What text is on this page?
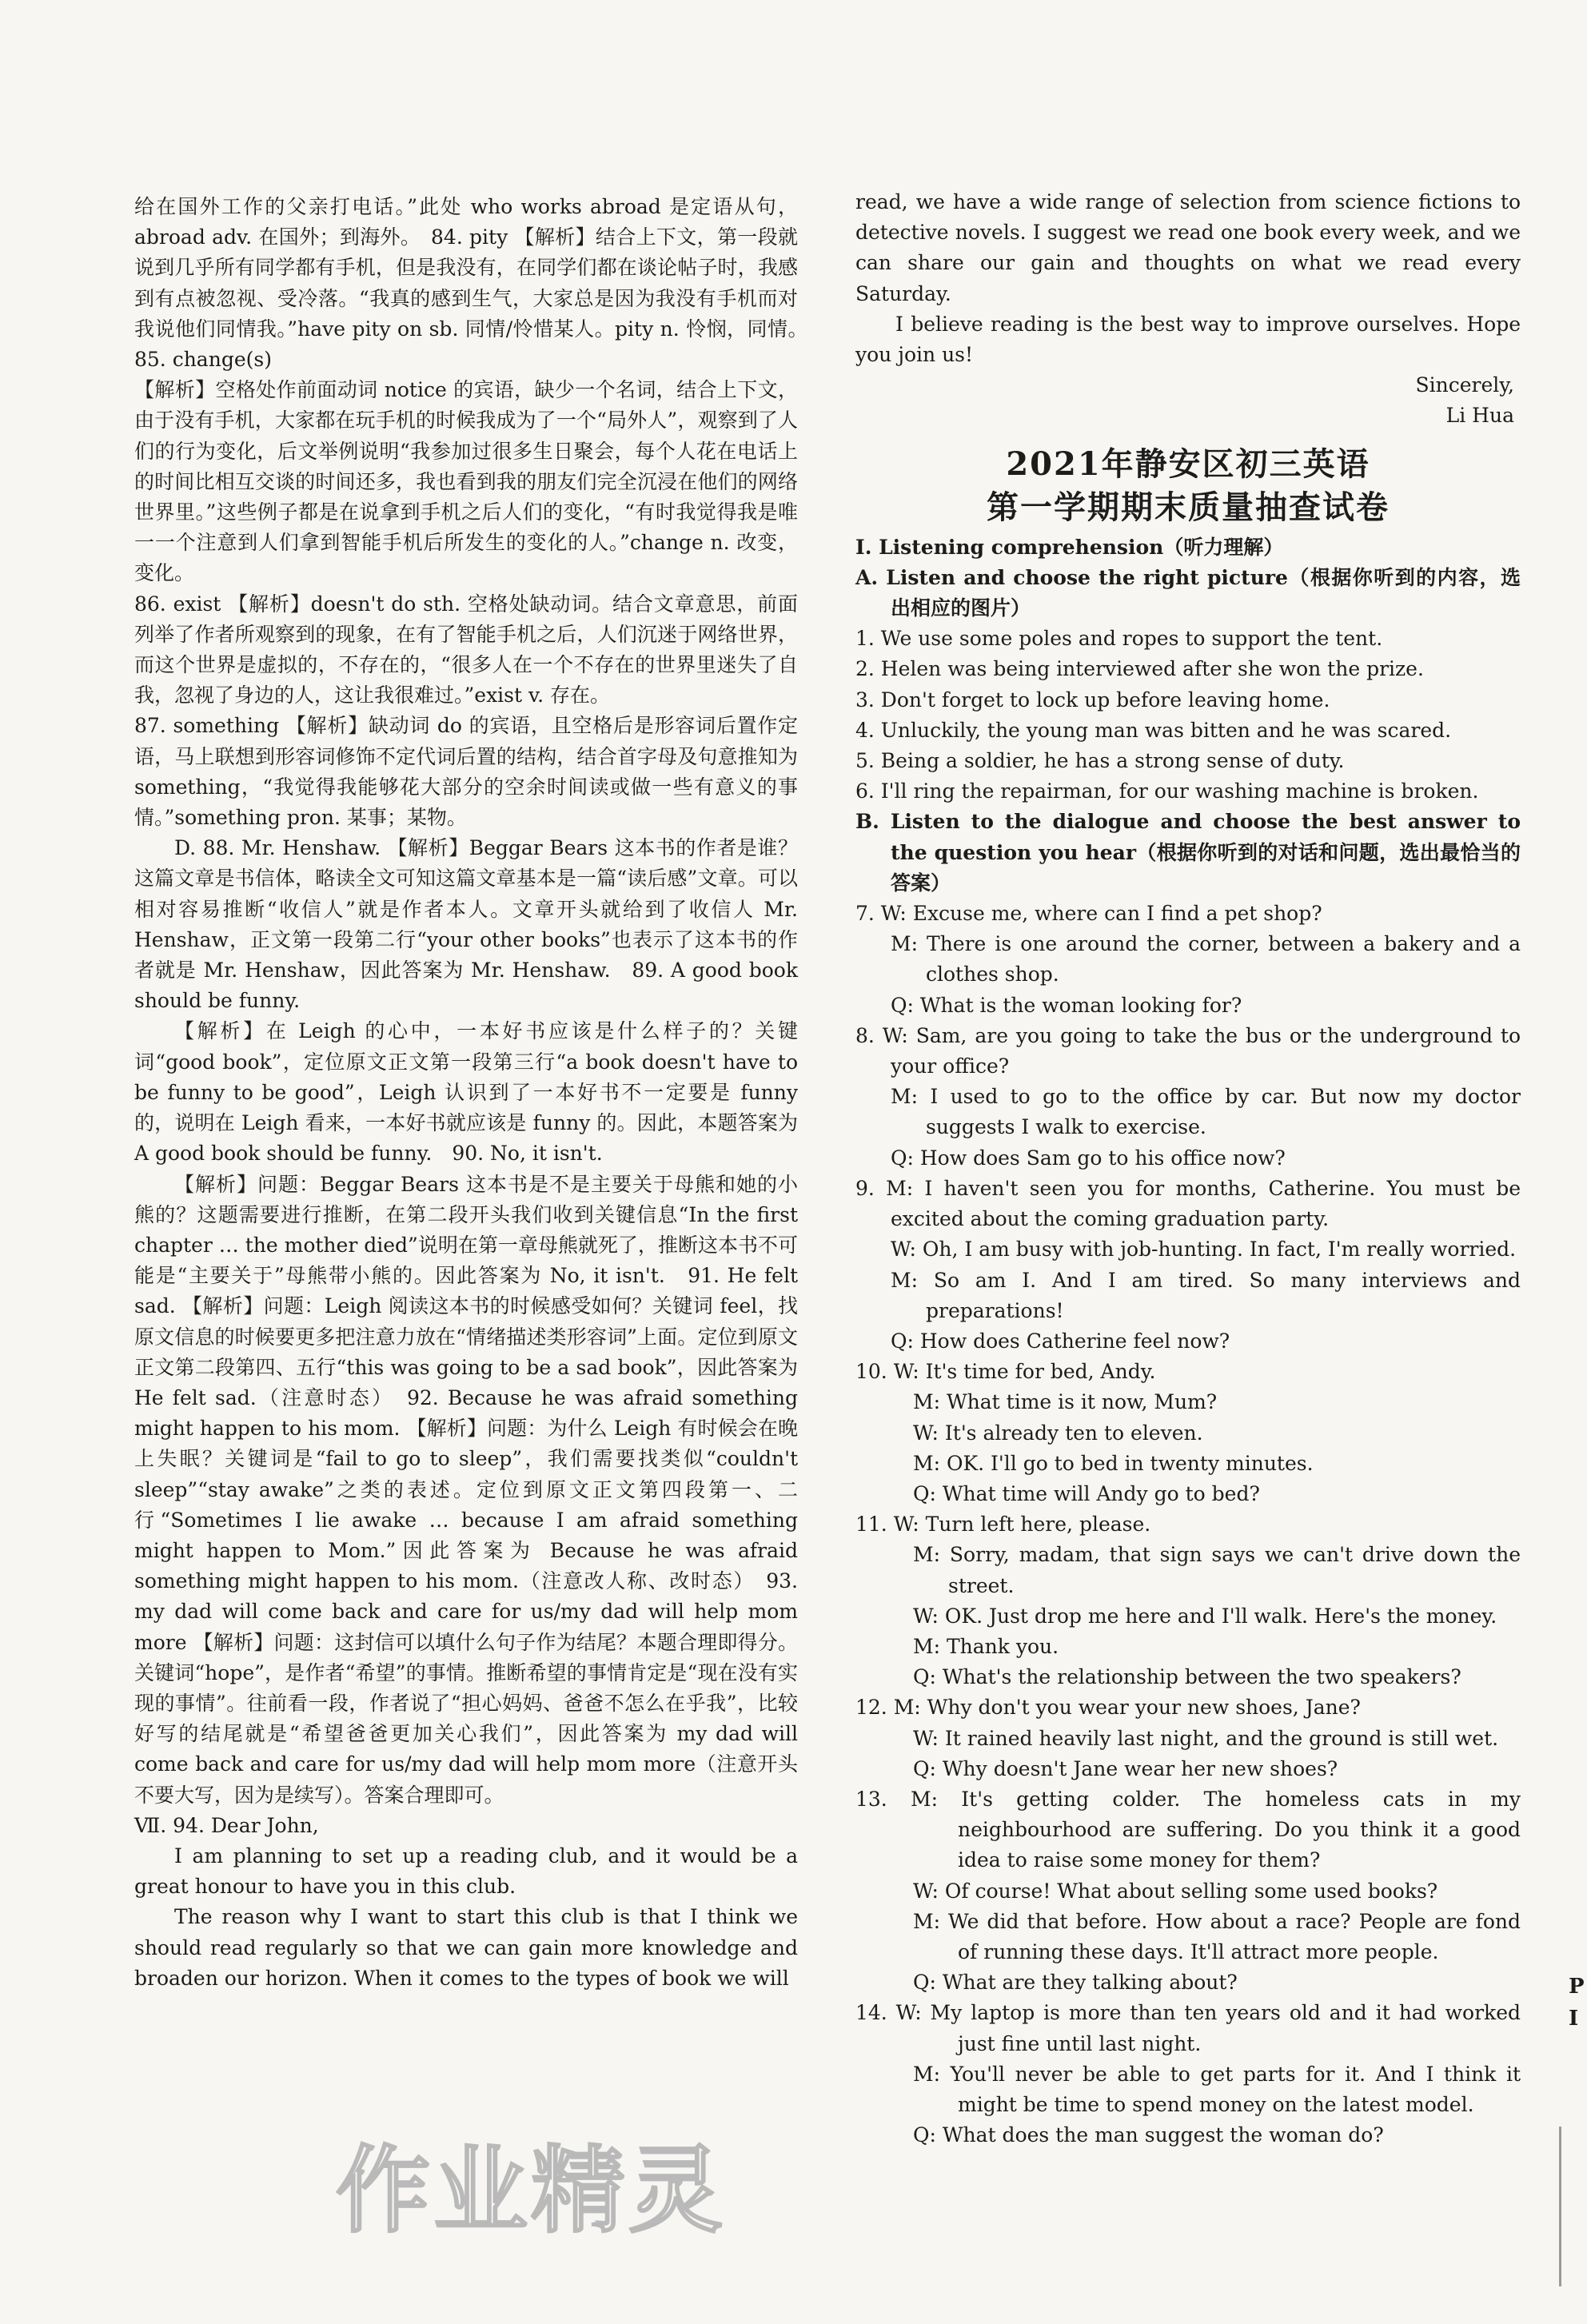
给在国外工作的父亲打电话。”此处 who works abroad 是定语从句，abroad adv. 在国外；到海外。　84. pity 【解析】结合上下文，第一段就说到几乎所有同学都有手机，但是我没有，在同学们都在谈论帖子时，我感到有点被忽视、受冷落。“我真的感到生气，大家总是因为我没有手机而对我说他们同情我。”have pity on sb. 同情/怜惜某人。pity n. 怜悯，同情。　85. change(s)

【解析】空格处作前面动词 notice 的宾语，缺少一个名词，结合上下文，由于没有手机，大家都在玩手机的时候我成为了一个“局外人”，观察到了人们的行为变化，后文举例说明“我参加过很多生日聚会，每个人花在电话上的时间比相互交谈的时间还多，我也看到我的朋友们完全沉浸在他们的网络世界里。”这些例子都是在说拿到手机之后人们的变化，“有时我觉得我是唯一一个注意到人们拿到智能手机后所发生的变化的人。”change n. 改变，变化。

86. exist 【解析】doesn't do sth. 空格处缺动词。结合文章意思，前面列举了作者所观察到的现象，在有了智能手机之后，人们沉迷于网络世界，而这个世界是虚拟的，不存在的，“很多人在一个不存在的世界里迷失了自我，忽视了身边的人，这让我很难过。”exist v. 存在。

87. something 【解析】缺动词 do 的宾语，且空格后是形容词后置作定语，马上联想到形容词修饰不定代词后置的结构，结合首字母及句意推知为 something，“我觉得我能够花大部分的空余时间读或做一些有意义的事情。”something pron. 某事；某物。

D. 88. Mr. Henshaw. 【解析】Beggar Bears 这本书的作者是谁？这篇文章是书信体，略读全文可知这篇文章基本是一篇“读后感”文章。可以相对容易推断“收信人”就是作者本人。文章开头就给到了收信人 Mr. Henshaw，正文第一段第二行“your other books”也表示了这本书的作者就是 Mr. Henshaw，因此答案为 Mr. Henshaw.　89. A good book should be funny.

【解析】在 Leigh 的心中，一本好书应该是什么样子的？关键词“good book”，定位原文正文第一段第三行“a book doesn't have to be funny to be good”，Leigh 认识到了一本好书不一定要是 funny 的，说明在 Leigh 看来，一本好书就应该是 funny 的。因此，本题答案为 A good book should be funny.　90. No, it isn't.

【解析】问题：Beggar Bears 这本书是不是主要关于母熊和她的小熊的？这题需要进行推断，在第二段开头我们收到关键信息“In the first chapter … the mother died”说明在第一章母熊就死了，推断这本书不可能是“主要关于”母熊带小熊的。因此答案为 No, it isn't.　91. He felt sad. 【解析】问题：Leigh 阅读这本书的时候感受如何？关键词 feel，找原文信息的时候要更多把注意力放在“情绪描述类形容词”上面。定位到原文正文第二段第四、五行“this was going to be a sad book”，因此答案为 He felt sad.（注意时态）　92. Because he was afraid something might happen to his mom. 【解析】问题：为什么 Leigh 有时候会在晚上失眠？关键词是“fail to go to sleep”，我们需要找类似“couldn't sleep”“stay awake”之类的表述。定位到原文正文第四段第一、二行“Sometimes I lie awake … because I am afraid something might happen to Mom.”因此答案为 Because he was afraid something might happen to his mom.（注意改人称、改时态）　93. my dad will come back and care for us/my dad will help mom more 【解析】问题：这封信可以填什么句子作为结尾？本题合理即得分。关键词“hope”，是作者“希望”的事情。推断希望的事情肯定是“现在没有实现的事情”。往前看一段，作者说了“担心妈妈、爸爸不怎么在乎我”，比较好写的结尾就是“希望爸爸更加关心我们”，因此答案为 my dad will come back and care for us/my dad will help mom more（注意开头不要大写，因为是续写）。答案合理即可。

Ⅶ. 94. Dear John,

I am planning to set up a reading club, and it would be a great honour to have you in this club.

The reason why I want to start this club is that I think we should read regularly so that we can gain more knowledge and broaden our horizon. When it comes to the types of book we will

read, we have a wide range of selection from science fictions to detective novels. I suggest we read one book every week, and we can share our gain and thoughts on what we read every Saturday.

I believe reading is the best way to improve ourselves. Hope you join us!

Sincerely,

Li Hua

2021年静安区初三英语
第一学期期末质量抽查试卷

Ⅰ. Listening comprehension（听力理解）

A. Listen and choose the right picture（根据你听到的内容，选出相应的图片）

1. We use some poles and ropes to support the tent.

2. Helen was being interviewed after she won the prize.

3. Don't forget to lock up before leaving home.

4. Unluckily, the young man was bitten and he was scared.

5. Being a soldier, he has a strong sense of duty.

6. I'll ring the repairman, for our washing machine is broken.

B. Listen to the dialogue and choose the best answer to the question you hear（根据你听到的对话和问题，选出最恰当的答案）

7. W: Excuse me, where can I find a pet shop?

M: There is one around the corner, between a bakery and a clothes shop.

Q: What is the woman looking for?

8. W: Sam, are you going to take the bus or the underground to your office?

M: I used to go to the office by car. But now my doctor suggests I walk to exercise.

Q: How does Sam go to his office now?

9. M: I haven't seen you for months, Catherine. You must be excited about the coming graduation party.

W: Oh, I am busy with job-hunting. In fact, I'm really worried.

M: So am I. And I am tired. So many interviews and preparations!

Q: How does Catherine feel now?

10. W: It's time for bed, Andy.

M: What time is it now, Mum?

W: It's already ten to eleven.

M: OK. I'll go to bed in twenty minutes.

Q: What time will Andy go to bed?

11. W: Turn left here, please.

M: Sorry, madam, that sign says we can't drive down the street.

W: OK. Just drop me here and I'll walk. Here's the money.

M: Thank you.

Q: What's the relationship between the two speakers?

12. M: Why don't you wear your new shoes, Jane?

W: It rained heavily last night, and the ground is still wet.

Q: Why doesn't Jane wear her new shoes?

13. M: It's getting colder. The homeless cats in my neighbourhood are suffering. Do you think it a good idea to raise some money for them?

W: Of course! What about selling some used books?

M: We did that before. How about a race? People are fond of running these days. It'll attract more people.

Q: What are they talking about?

14. W: My laptop is more than ten years old and it had worked just fine until last night.

M: You'll never be able to get parts for it. And I think it might be time to spend money on the latest model.

Q: What does the man suggest the woman do?

P
I
作业精灵
